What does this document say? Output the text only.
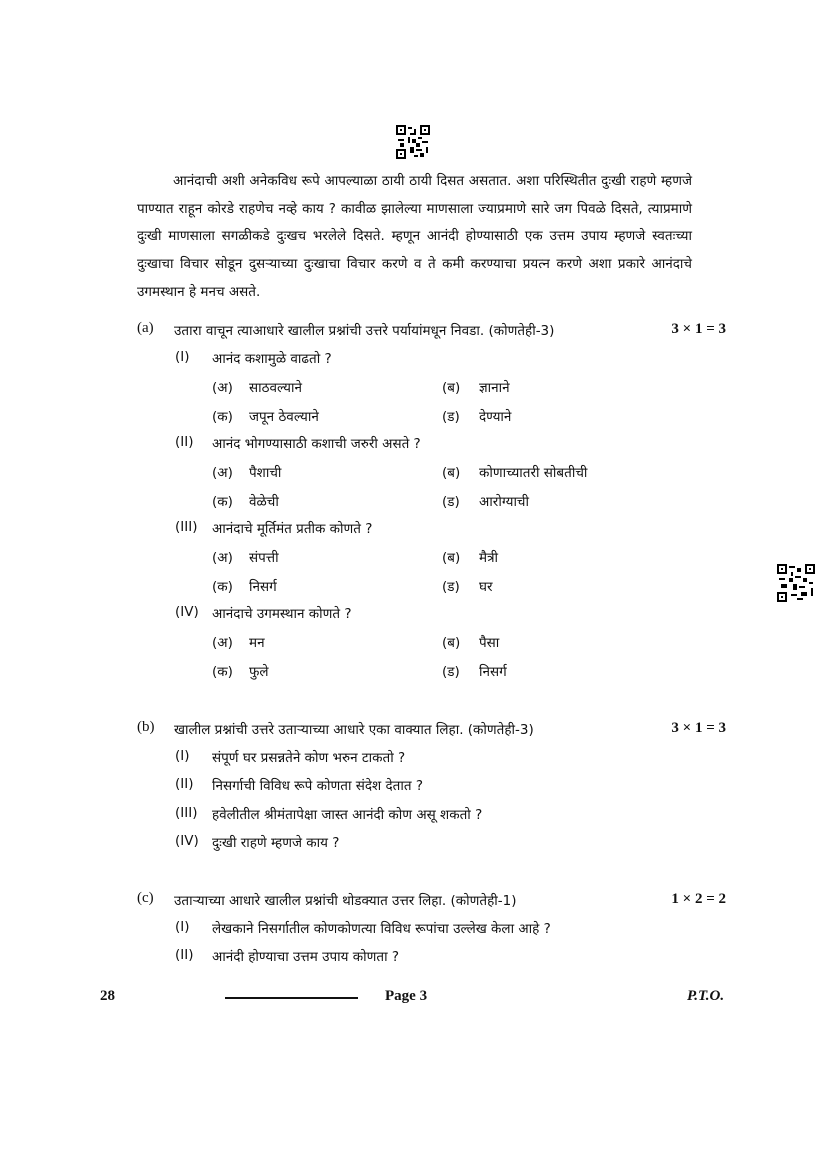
आनंदाची अशी अनेकविध रूपे आपल्याळा ठायी ठायी दिसत असतात. अशा परिस्थितीत दुःखी राहणे म्हणजे पाण्यात राहून कोरडे राहणेच नव्हे काय ? कावीळ झालेल्या माणसाला ज्याप्रमाणे सारे जग पिवळे दिसते, त्याप्रमाणे दुःखी माणसाला सगळीकडे दुःखच भरलेले दिसते. म्हणून आनंदी होण्यासाठी एक उत्तम उपाय म्हणजे स्वतःच्या दुःखाचा विचार सोडून दुसऱ्याच्या दुःखाचा विचार करणे व ते कमी करण्याचा प्रयत्न करणे अशा प्रकारे आनंदाचे उगमस्थान हे मनच असते.
(a) उतारा वाचून त्याआधारे खालील प्रश्नांची उत्तरे पर्यायांमधून निवडा. (कोणतेही-3)	3 × 1 = 3
(I) आनंद कशामुळे वाढतो ?
(अ) साठवल्याने	(ब) ज्ञानाने
(क) जपून ठेवल्याने	(ड) देण्याने
(II) आनंद भोगण्यासाठी कशाची जरुरी असते ?
(अ) पैशाची	(ब) कोणाच्यातरी सोबतीची
(क) वेळेची	(ड) आरोग्याची
(III) आनंदाचे मूर्तिमंत प्रतीक कोणते ?
(अ) संपत्ती	(ब) मैत्री
(क) निसर्ग	(ड) घर
(IV) आनंदाचे उगमस्थान कोणते ?
(अ) मन	(ब) पैसा
(क) फुले	(ड) निसर्ग
(b) खालील प्रश्नांची उत्तरे उताऱ्याच्या आधारे एका वाक्यात लिहा. (कोणतेही-3)	3 × 1 = 3
(I) संपूर्ण घर प्रसन्नतेने कोण भरुन टाकतो ?
(II) निसर्गाची विविध रूपे कोणता संदेश देतात ?
(III) हवेलीतील श्रीमंतापेक्षा जास्त आनंदी कोण असू शकतो ?
(IV) दुःखी राहणे म्हणजे काय ?
(c) उताऱ्याच्या आधारे खालील प्रश्नांची थोडक्यात उत्तर लिहा. (कोणतेही-1)	1 × 2 = 2
(I) लेखकाने निसर्गातील कोणकोणत्या विविध रूपांचा उल्लेख केला आहे ?
(II) आनंदी होण्याचा उत्तम उपाय कोणता ?
28	Page 3	P.T.O.
